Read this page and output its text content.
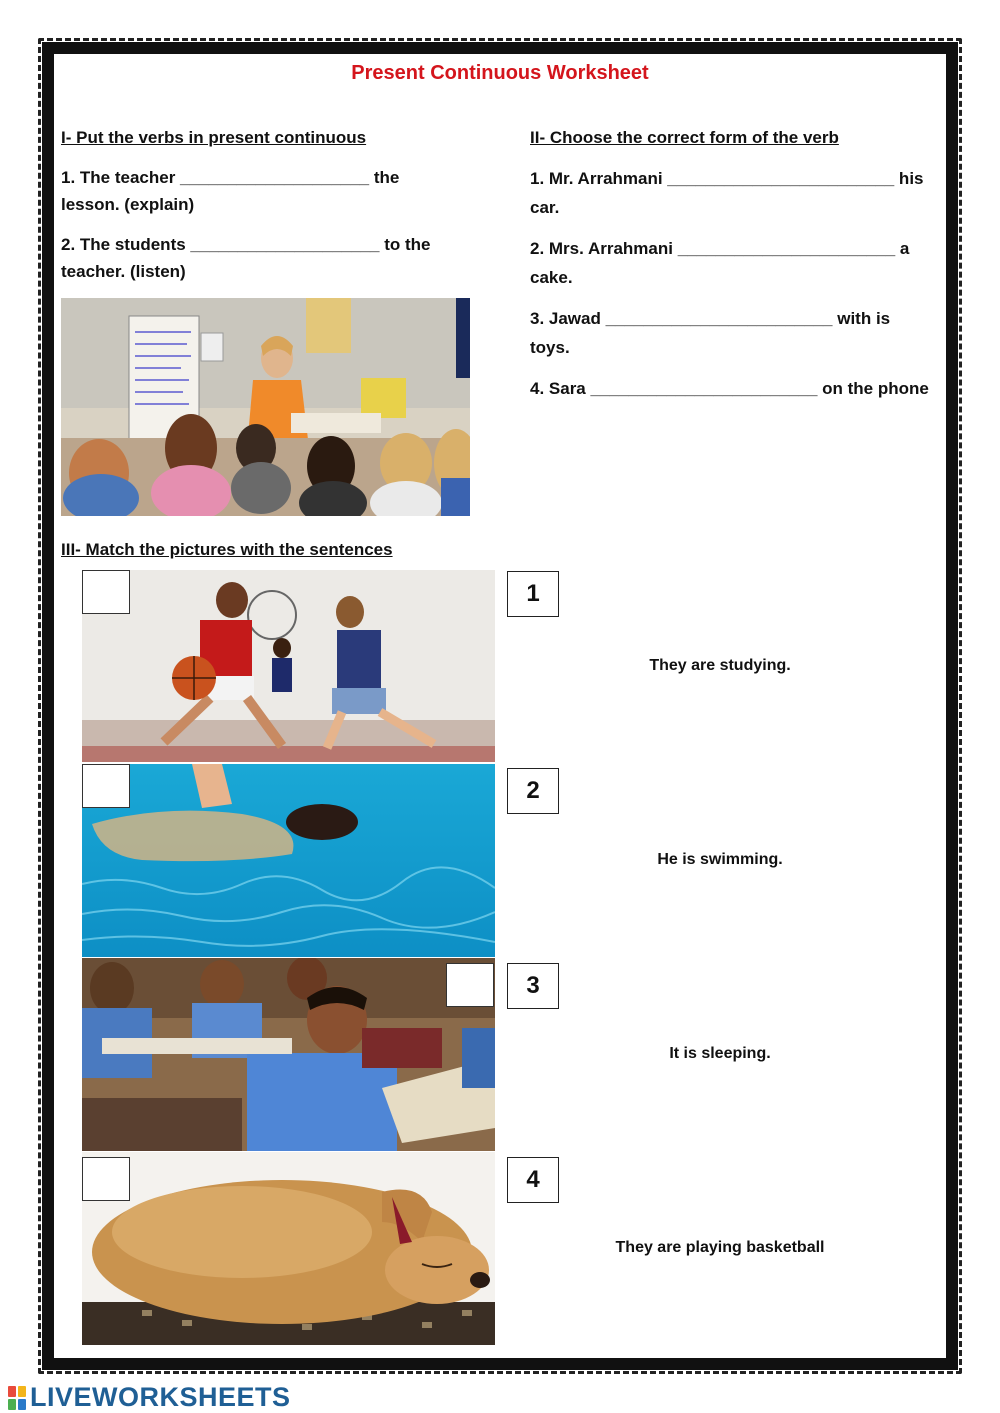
Present Continuous Worksheet
I- Put the verbs in present continuous
1. The teacher ____________________ the lesson. (explain)
2. The students ____________________ to the teacher. (listen)
II- Choose the correct form of the verb
1. Mr. Arrahmani ________________________ his car.
2. Mrs. Arrahmani _______________________ a cake.
3. Jawad ________________________ with is toys.
4. Sara ________________________ on the phone
III- Match the pictures with the sentences
1
They are studying.
2
He is swimming.
3
It is sleeping.
4
They are playing basketball
LIVEWORKSHEETS
